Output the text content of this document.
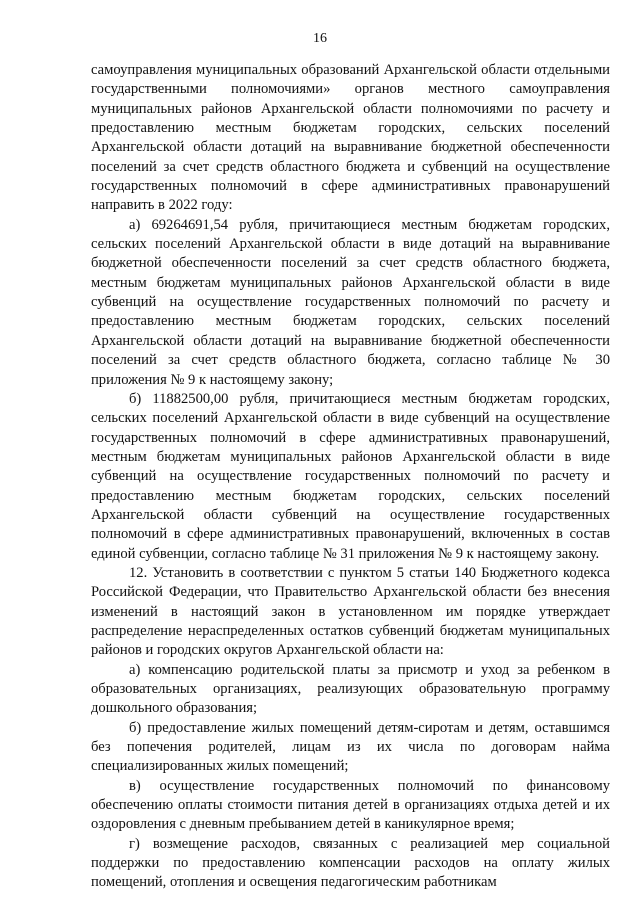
16

самоуправления муниципальных образований Архангельской области отдельными государственными полномочиями» органов местного самоуправления муниципальных районов Архангельской области полномочиями по расчету и предоставлению местным бюджетам городских, сельских поселений Архангельской области дотаций на выравнивание бюджетной обеспеченности поселений за счет средств областного бюджета и субвенций на осуществление государственных полномочий в сфере административных правонарушений направить в 2022 году:

а) 69264691,54 рубля, причитающиеся местным бюджетам городских, сельских поселений Архангельской области в виде дотаций на выравнивание бюджетной обеспеченности поселений за счет средств областного бюджета, местным бюджетам муниципальных районов Архангельской области в виде субвенций на осуществление государственных полномочий по расчету и предоставлению местным бюджетам городских, сельских поселений Архангельской области дотаций на выравнивание бюджетной обеспеченности поселений за счет средств областного бюджета, согласно таблице № 30 приложения № 9 к настоящему закону;

б) 11882500,00 рубля, причитающиеся местным бюджетам городских, сельских поселений Архангельской области в виде субвенций на осуществление государственных полномочий в сфере административных правонарушений, местным бюджетам муниципальных районов Архангельской области в виде субвенций на осуществление государственных полномочий по расчету и предоставлению местным бюджетам городских, сельских поселений Архангельской области субвенций на осуществление государственных полномочий в сфере административных правонарушений, включенных в состав единой субвенции, согласно таблице № 31 приложения № 9 к настоящему закону.

12. Установить в соответствии с пунктом 5 статьи 140 Бюджетного кодекса Российской Федерации, что Правительство Архангельской области без внесения изменений в настоящий закон в установленном им порядке утверждает распределение нераспределенных остатков субвенций бюджетам муниципальных районов и городских округов Архангельской области на:

а) компенсацию родительской платы за присмотр и уход за ребенком в образовательных организациях, реализующих образовательную программу дошкольного образования;

б) предоставление жилых помещений детям-сиротам и детям, оставшимся без попечения родителей, лицам из их числа по договорам найма специализированных жилых помещений;

в) осуществление государственных полномочий по финансовому обеспечению оплаты стоимости питания детей в организациях отдыха детей и их оздоровления с дневным пребыванием детей в каникулярное время;

г) возмещение расходов, связанных с реализацией мер социальной поддержки по предоставлению компенсации расходов на оплату жилых помещений, отопления и освещения педагогическим работникам
